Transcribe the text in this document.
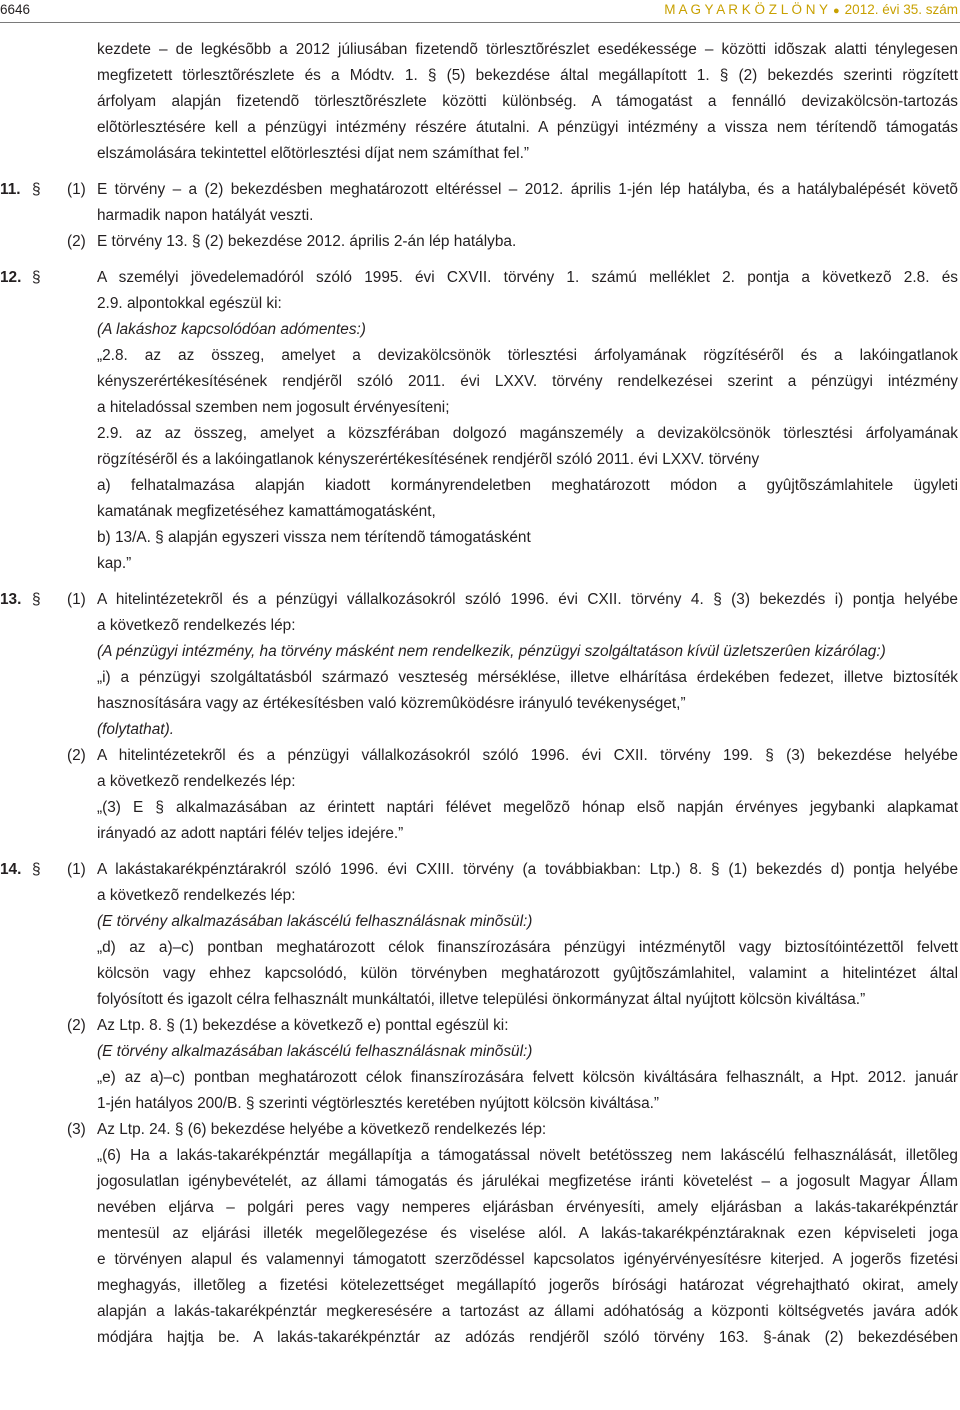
6646	M A G Y A R K Ö Z L Ö N Y ● 2012. évi 35. szám
kezdete – de legkésõbb a 2012 júliusában fizetendõ törlesztõrészlet esedékessége – közötti idõszak alatti ténylegesen
megfizetett törlesztõrészlete és a Módtv. 1. § (5) bekezdése által megállapított 1. § (2) bekezdés szerinti rögzített
árfolyam alapján fizetendõ törlesztõrészlete közötti különbség. A támogatást a fennálló devizakölcsön-tartozás
elõtörlesztésére kell a pénzügyi intézmény részére átutalni. A pénzügyi intézmény a vissza nem térítendõ támogatás
elszámolására tekintettel elõtörlesztési díjat nem számíthat fel.”
11. § (1) E törvény – a (2) bekezdésben meghatározott eltéréssel – 2012. április 1-jén lép hatályba, és a hatálybalépését követõ
harmadik napon hatályát veszti.
(2) E törvény 13. § (2) bekezdése 2012. április 2-án lép hatályba.
12. §	A személyi jövedelemadóról szóló 1995. évi CXVII. törvény 1. számú melléklet 2. pontja a következõ 2.8. és
2.9. alpontokkal egészül ki:
(A lakáshoz kapcsolódóan adómentes:)
„2.8. az az összeg, amelyet a devizakölcsönök törlesztési árfolyamának rögzítésérõl és a lakóingatlanok
kényszerértékesítésének rendjérõl szóló 2011. évi LXXV. törvény rendelkezései szerint a pénzügyi intézmény
a hiteladóssal szemben nem jogosult érvényesíteni;
2.9. az az összeg, amelyet a közszférában dolgozó magánszemély a devizakölcsönök törlesztési árfolyamának
rögzítésérõl és a lakóingatlanok kényszerértékesítésének rendjérõl szóló 2011. évi LXXV. törvény
a) felhatalmazása alapján kiadott kormányrendeletben meghatározott módon a gyûjtõszámlahitele ügyleti
kamatának megfizetéséhez kamattámogatásként,
b) 13/A. § alapján egyszeri vissza nem térítendõ támogatásként
kap.”
13. § (1) A hitelintézetekrõl és a pénzügyi vállalkozásokról szóló 1996. évi CXII. törvény 4. § (3) bekezdés i) pontja helyébe
a következõ rendelkezés lép:
(A pénzügyi intézmény, ha törvény másként nem rendelkezik, pénzügyi szolgáltatáson kívül üzletszerûen kizárólag:)
„i) a pénzügyi szolgáltatásból származó veszteség mérséklése, illetve elhárítása érdekében fedezet, illetve biztosíték
hasznosítására vagy az értékesítésben való közremûködésre irányuló tevékenységet,”
(folytathat).
(2) A hitelintézetekrõl és a pénzügyi vállalkozásokról szóló 1996. évi CXII. törvény 199. § (3) bekezdése helyébe
a következõ rendelkezés lép:
„(3) E § alkalmazásában az érintett naptári félévet megelõzõ hónap elsõ napján érvényes jegybanki alapkamat
irányadó az adott naptári félév teljes idejére.”
14. § (1) A lakástakarékpénztárakról szóló 1996. évi CXIII. törvény (a továbbiakban: Ltp.) 8. § (1) bekezdés d) pontja helyébe
a következõ rendelkezés lép:
(E törvény alkalmazásában lakáscélú felhasználásnak minõsül:)
„d) az a)–c) pontban meghatározott célok finanszírozására pénzügyi intézménytõl vagy biztosítóintézettõl felvett
kölcsön vagy ehhez kapcsolódó, külön törvényben meghatározott gyûjtõszámlahitel, valamint a hitelintézet által
folyósított és igazolt célra felhasznált munkáltatói, illetve települési önkormányzat által nyújtott kölcsön kiváltása.”
(2) Az Ltp. 8. § (1) bekezdése a következõ e) ponttal egészül ki:
(E törvény alkalmazásában lakáscélú felhasználásnak minõsül:)
„e) az a)–c) pontban meghatározott célok finanszírozására felvett kölcsön kiváltására felhasznált, a Hpt. 2012. január
1-jén hatályos 200/B. § szerinti végtörlesztés keretében nyújtott kölcsön kiváltása.”
(3) Az Ltp. 24. § (6) bekezdése helyébe a következõ rendelkezés lép:
„(6) Ha a lakás-takarékpénztár megállapítja a támogatással növelt betétösszeg nem lakáscélú felhasználását, illetõleg
jogosulatlan igénybevételét, az állami támogatás és járulékai megfizetése iránti követelést – a jogosult Magyar Állam
nevében eljárva – polgári peres vagy nemperes eljárásban érvényesíti, amely eljárásban a lakás-takarékpénztár
mentesül az eljárási illeték megelõlegezése és viselése alól. A lakás-takarékpénztáraknak ezen képviseleti joga
e törvényen alapul és valamennyi támogatott szerzõdéssel kapcsolatos igényérvényesítésre kiterjed. A jogerõs fizetési
meghagyás, illetõleg a fizetési kötelezettséget megállapító jogerõs bírósági határozat végrehajtható okirat, amely
alapján a lakás-takarékpénztár megkeresésére a tartozást az állami adóhatóság a központi költségvetés javára adók
módjára hajtja be. A lakás-takarékpénztár az adózás rendjérõl szóló törvény 163. §-ának (2) bekezdésében
